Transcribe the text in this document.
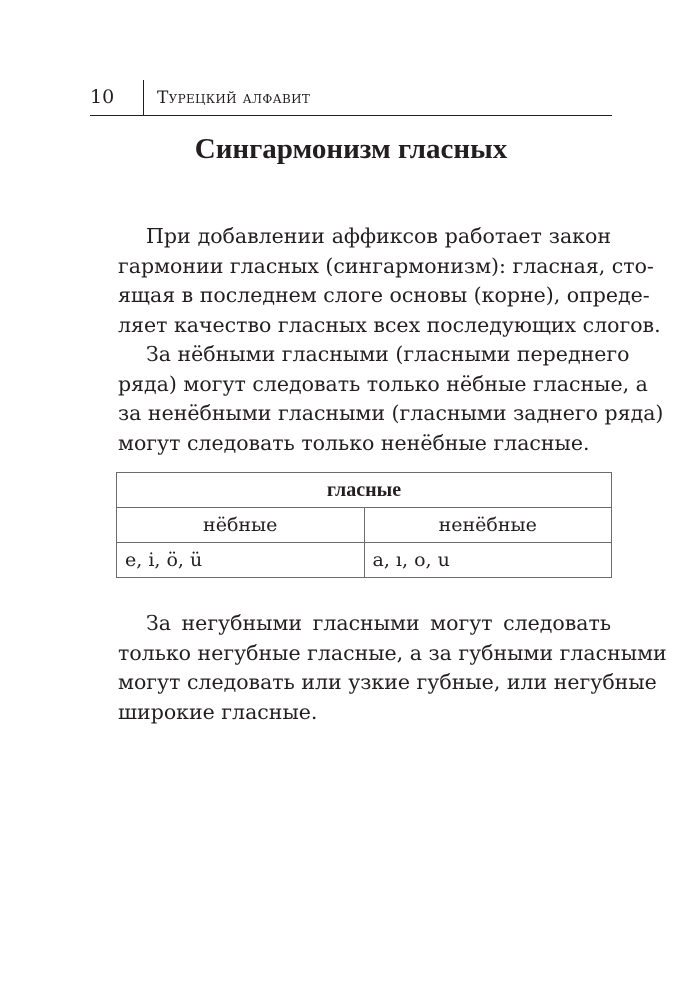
10	Турецкий алфавит
Сингармонизм гласных
При добавлении аффиксов работает закон
гармонии гласных (сингармонизм): гласная, сто-
ящая в последнем слоге основы (корне), опреде-
ляет качество гласных всех последующих слогов.
За нёбными гласными (гласными переднего
ряда) могут следовать только нёбные гласные, а
за ненёбными гласными (гласными заднего ряда)
могут следовать только ненёбные гласные.
гласные	
нёбные	ненёбные
e, i, ö, ü	a, ı, o, u
За негубными гласными могут следовать
только негубные гласные, а за губными гласными
могут следовать или узкие губные, или негубные
широкие гласные.
